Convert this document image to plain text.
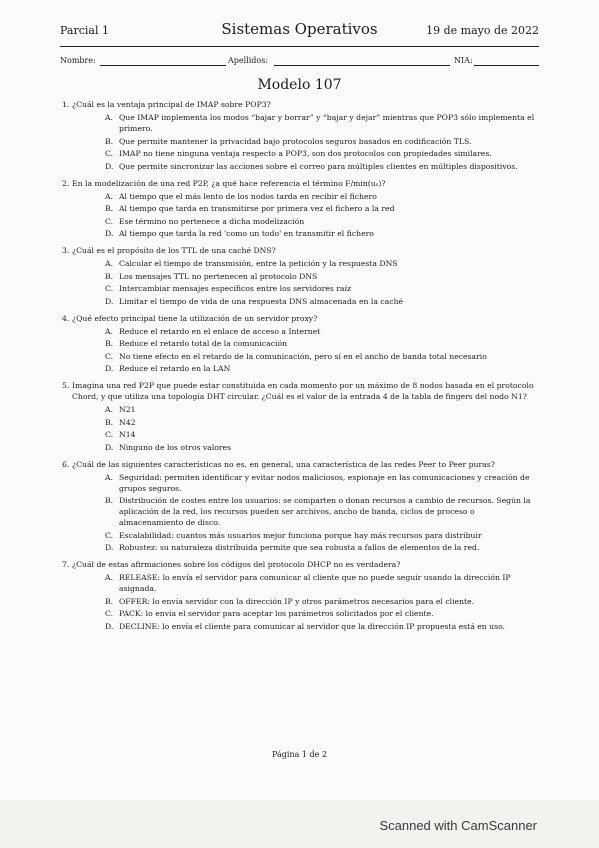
Parcial 1	Sistemas Operativos	19 de mayo de 2022
Nombre:	Apellidos:	NIA:
Modelo 107
1. ¿Cuál es la ventaja principal de IMAP sobre POP3?
A. Que IMAP implementa los modos “bajar y borrar” y “bajar y dejar” mientras que POP3 sólo implementa el primero.
B. Que permite mantener la privacidad bajo protocolos seguros basados en codificación TLS.
C. IMAP no tiene ninguna ventaja respecto a POP3, son dos protocolos con propiedades similares.
D. Que permite sincronizar las acciones sobre el correo para múltiples clientes en múltiples dispositivos.
2. En la modelización de una red P2P, ¿a qué hace referencia el término F/min(uₛ)?
A. Al tiempo que el más lento de los nodos tarda en recibir el fichero
B. Al tiempo que tarda en transmitirse por primera vez el fichero a la red
C. Ese término no pertenece a dicha modelización
D. Al tiempo que tarda la red 'como un todo' en transmitir el fichero
3. ¿Cuál es el propósito de los TTL de una caché DNS?
A. Calcular el tiempo de transmisión, entre la petición y la respuesta DNS
B. Los mensajes TTL no pertenecen al protocolo DNS
C. Intercambiar mensajes específicos entre los servidores raíz
D. Limitar el tiempo de vida de una respuesta DNS almacenada en la caché
4. ¿Qué efecto principal tiene la utilización de un servidor proxy?
A. Reduce el retardo en el enlace de acceso a Internet
B. Reduce el retardo total de la comunicación
C. No tiene efecto en el retardo de la comunicación, pero sí en el ancho de banda total necesario
D. Reduce el retardo en la LAN
5. Imagina una red P2P que puede estar constituida en cada momento por un máximo de 8 nodos basada en el protocolo Chord, y que utiliza una topología DHT circular. ¿Cuál es el valor de la entrada 4 de la tabla de fingers del nodo N1?
A. N21
B. N42
C. N14
D. Ninguno de los otros valores
6. ¿Cuál de las siguientes características no es, en general, una característica de las redes Peer to Peer puras?
A. Seguridad: permiten identificar y evitar nodos maliciosos, espionaje en las comunicaciones y creación de grupos seguros.
B. Distribución de costes entre los usuarios: se comparten o donan recursos a cambio de recursos. Según la aplicación de la red, los recursos pueden ser archivos, ancho de banda, ciclos de proceso o almacenamiento de disco.
C. Escalabilidad: cuantos más usuarios mejor funciona porque hay más recursos para distribuir
D. Robustez: su naturaleza distribuida permite que sea robusta a fallos de elementos de la red.
7. ¿Cuál de estas afirmaciones sobre los códigos del protocolo DHCP no es verdadera?
A. RELEASE: lo envía el servidor para comunicar al cliente que no puede seguir usando la dirección IP asignada.
B. OFFER: lo envía servidor con la dirección IP y otros parámetros necesarios para el cliente.
C. PACK: lo envía el servidor para aceptar los parámetros solicitados por el cliente.
D. DECLINE: lo envía el cliente para comunicar al servidor que la dirección IP propuesta está en uso.
Página 1 de 2
Scanned with CamScanner
